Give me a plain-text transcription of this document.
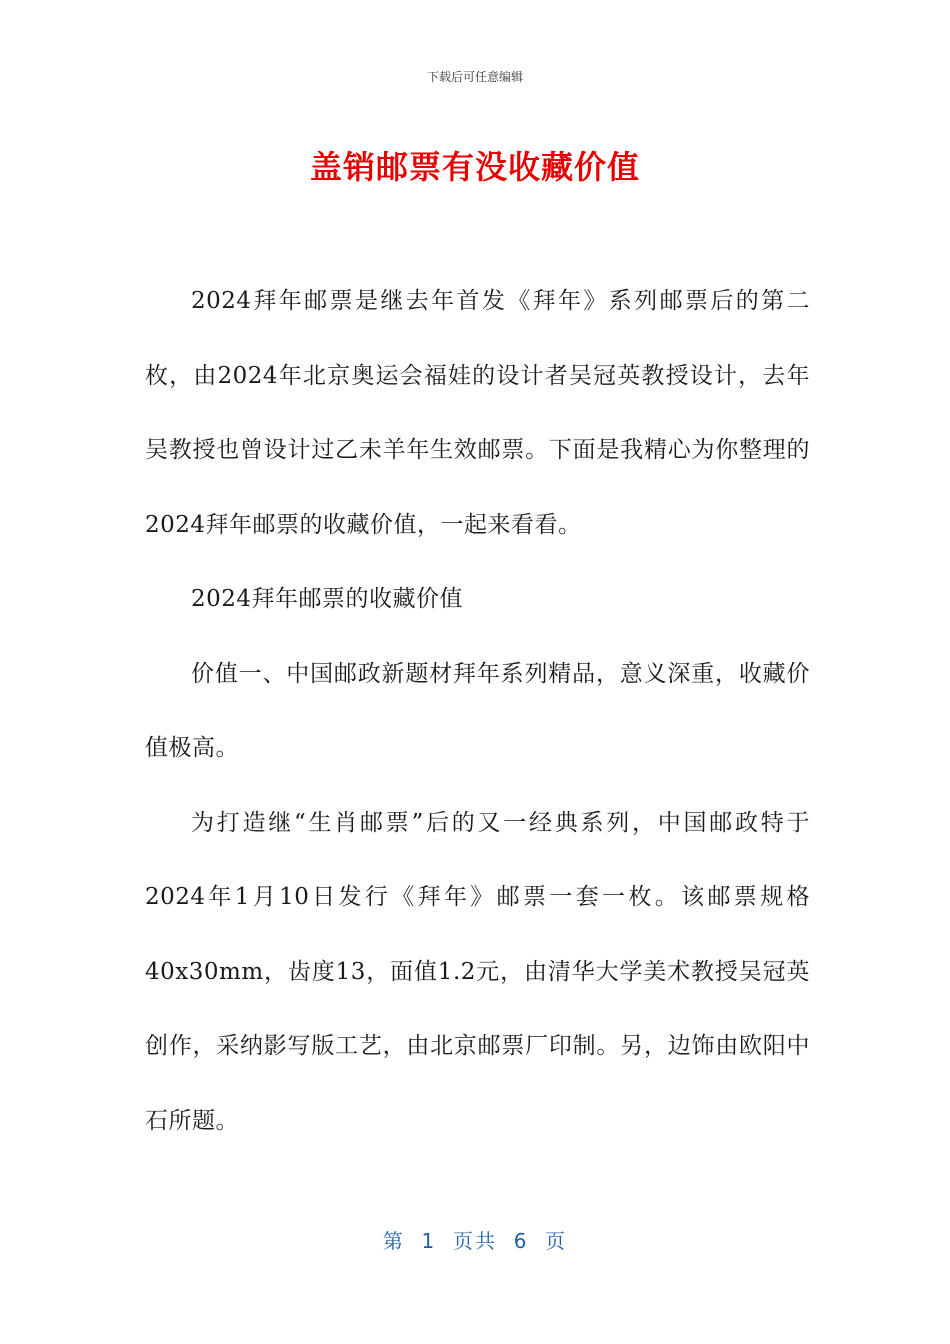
下载后可任意编辑
盖销邮票有没收藏价值

2024拜年邮票是继去年首发《拜年》系列邮票后的第二枚，由2024年北京奥运会福娃的设计者吴冠英教授设计，去年吴教授也曾设计过乙未羊年生效邮票。下面是我精心为你整理的2024拜年邮票的收藏价值，一起来看看。

2024拜年邮票的收藏价值

价值一、中国邮政新题材拜年系列精品，意义深重，收藏价值极高。

为打造继“生肖邮票”后的又一经典系列，中国邮政特于2024年1月10日发行《拜年》邮票一套一枚。该邮票规格40x30mm，齿度13，面值1.2元，由清华大学美术教授吴冠英创作，采纳影写版工艺，由北京邮票厂印制。另，边饰由欧阳中石所题。

第  1  页共  6  页
